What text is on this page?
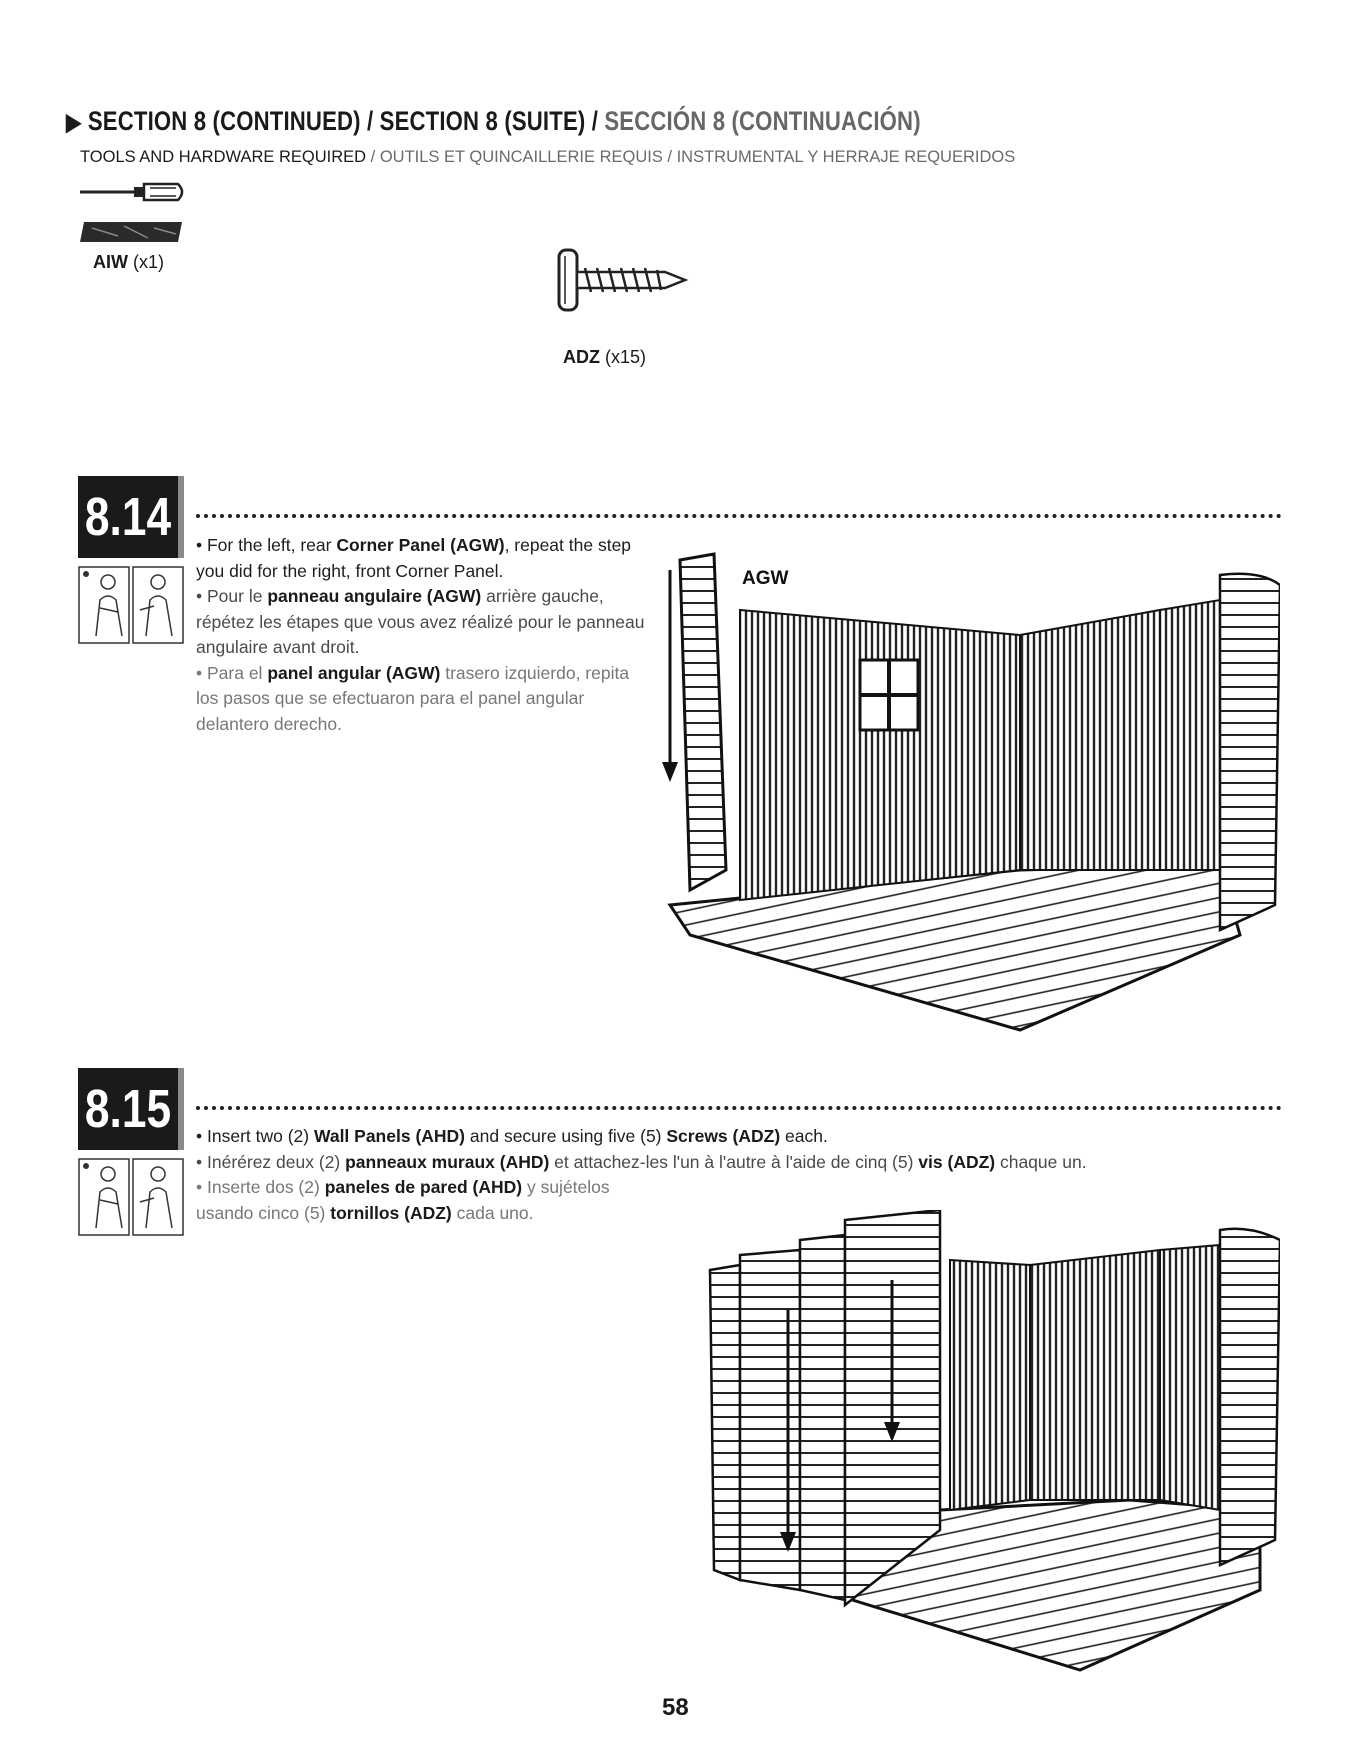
▶ SECTION 8 (CONTINUED) / SECTION 8 (SUITE) / SECCIÓN 8 (CONTINUACIÓN)
TOOLS AND HARDWARE REQUIRED / OUTILS ET QUINCAILLERIE REQUIS / INSTRUMENTAL Y HERRAJE REQUERIDOS
AIW (x1)
ADZ (x15)
8.14	• For the left, rear Corner Panel (AGW), repeat the step you did for the right, front Corner Panel.

• Pour le panneau angulaire (AGW) arrière gauche, répétez les étapes que vous avez réalizé pour le panneau angulaire avant droit.

• Para el panel angular (AGW) trasero izquierdo, repita los pasos que se efectuaron para el panel angular delantero derecho.

AGW
8.15	• Insert two (2) Wall Panels (AHD) and secure using five (5) Screws (ADZ) each.

• Inérérez deux (2) panneaux muraux (AHD) et attachez-les l'un à l'autre à l'aide de cinq (5) vis (ADZ) chaque un.

• Inserte dos (2) paneles de pared (AHD) y sujételos usando cinco (5) tornillos (ADZ) cada uno.

58
